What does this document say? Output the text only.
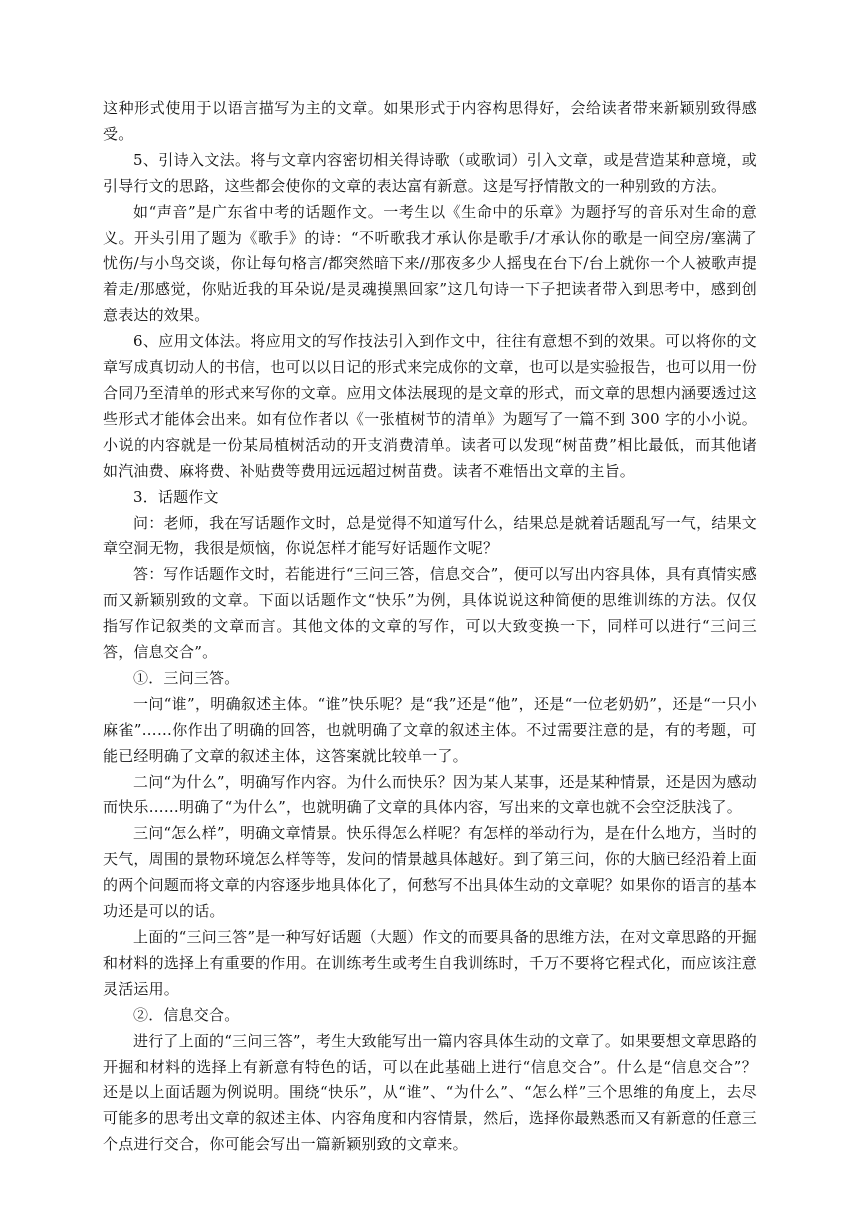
这种形式使用于以语言描写为主的文章。如果形式于内容构思得好，会给读者带来新颖别致得感受。

5、引诗入文法。将与文章内容密切相关得诗歌（或歌词）引入文章，或是营造某种意境，或引导行文的思路，这些都会使你的文章的表达富有新意。这是写抒情散文的一种别致的方法。

如“声音”是广东省中考的话题作文。一考生以《生命中的乐章》为题抒写的音乐对生命的意义。开头引用了题为《歌手》的诗：“不听歌我才承认你是歌手/才承认你的歌是一间空房/塞满了忧伤/与小鸟交谈，你让每句格言/都突然暗下来//那夜多少人摇曳在台下/台上就你一个人被歌声提着走/那感觉，你贴近我的耳朵说/是灵魂摸黑回家”这几句诗一下子把读者带入到思考中，感到创意表达的效果。

6、应用文体法。将应用文的写作技法引入到作文中，往往有意想不到的效果。可以将你的文章写成真切动人的书信，也可以以日记的形式来完成你的文章，也可以是实验报告，也可以用一份合同乃至清单的形式来写你的文章。应用文体法展现的是文章的形式，而文章的思想内涵要透过这些形式才能体会出来。如有位作者以《一张植树节的清单》为题写了一篇不到 300 字的小小说。小说的内容就是一份某局植树活动的开支消费清单。读者可以发现“树苗费”相比最低，而其他诸如汽油费、麻将费、补贴费等费用远远超过树苗费。读者不难悟出文章的主旨。

3．话题作文

问：老师，我在写话题作文时，总是觉得不知道写什么，结果总是就着话题乱写一气，结果文章空洞无物，我很是烦恼，你说怎样才能写好话题作文呢？

答：写作话题作文时，若能进行“三问三答，信息交合”，便可以写出内容具体，具有真情实感而又新颖别致的文章。下面以话题作文“快乐”为例，具体说说这种简便的思维训练的方法。仅仅指写作记叙类的文章而言。其他文体的文章的写作，可以大致变换一下，同样可以进行“三问三答，信息交合”。

①．三问三答。

一问“谁”，明确叙述主体。“谁”快乐呢？是“我”还是“他”，还是“一位老奶奶”，还是“一只小麻雀”……你作出了明确的回答，也就明确了文章的叙述主体。不过需要注意的是，有的考题，可能已经明确了文章的叙述主体，这答案就比较单一了。

二问“为什么”，明确写作内容。为什么而快乐？因为某人某事，还是某种情景，还是因为感动而快乐……明确了“为什么”，也就明确了文章的具体内容，写出来的文章也就不会空泛肤浅了。

三问“怎么样”，明确文章情景。快乐得怎么样呢？有怎样的举动行为，是在什么地方，当时的天气，周围的景物环境怎么样等等，发问的情景越具体越好。到了第三问，你的大脑已经沿着上面的两个问题而将文章的内容逐步地具体化了，何愁写不出具体生动的文章呢？如果你的语言的基本功还是可以的话。

上面的“三问三答”是一种写好话题（大题）作文的而要具备的思维方法，在对文章思路的开掘和材料的选择上有重要的作用。在训练考生或考生自我训练时，千万不要将它程式化，而应该注意灵活运用。

②．信息交合。

进行了上面的“三问三答”，考生大致能写出一篇内容具体生动的文章了。如果要想文章思路的开掘和材料的选择上有新意有特色的话，可以在此基础上进行“信息交合”。什么是“信息交合”？还是以上面话题为例说明。围绕“快乐”，从“谁”、“为什么”、“怎么样”三个思维的角度上，去尽可能多的思考出文章的叙述主体、内容角度和内容情景，然后，选择你最熟悉而又有新意的任意三个点进行交合，你可能会写出一篇新颖别致的文章来。
